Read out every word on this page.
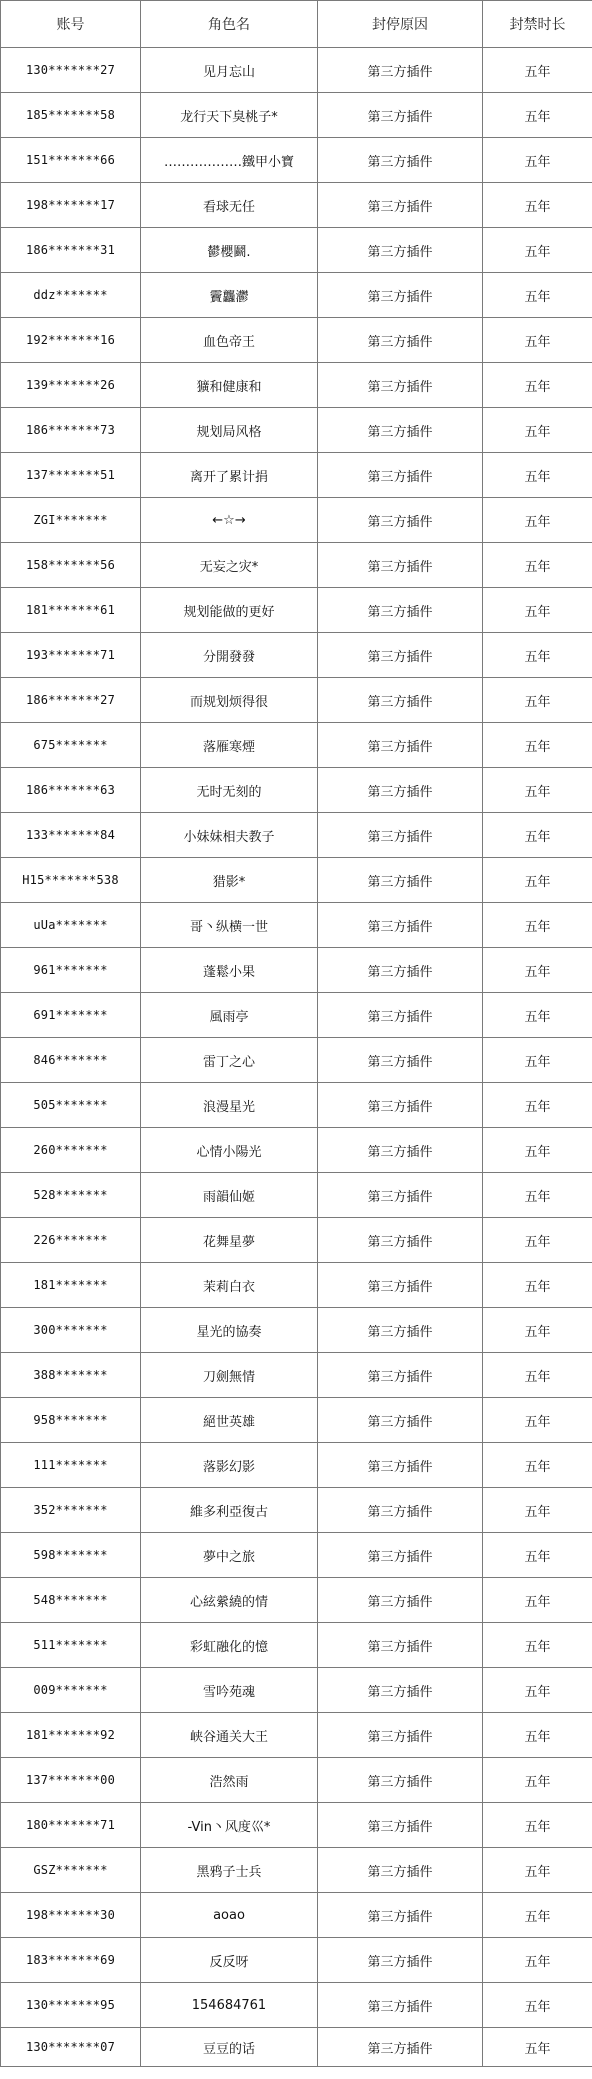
账号	角色名	封停原因	封禁时长
130*******27	见月忘山	第三方插件	五年
185*******58	龙行天下臭桃子*	第三方插件	五年
151*******66	………………鐵甲小寶	第三方插件	五年
198*******17	看球无任	第三方插件	五年
186*******31	鬰櫻鬬.	第三方插件	五年
ddz*******	靌龘灪	第三方插件	五年
192*******16	血色帝王	第三方插件	五年
139*******26	獷和健康和	第三方插件	五年
186*******73	规划局风格	第三方插件	五年
137*******51	离开了累计捐	第三方插件	五年
ZGI*******	←☆→	第三方插件	五年
158*******56	无妄之灾*	第三方插件	五年
181*******61	规划能做的更好	第三方插件	五年
193*******71	分開發發	第三方插件	五年
186*******27	而规划烦得很	第三方插件	五年
675*******	落雁寒煙	第三方插件	五年
186*******63	无时无刻的	第三方插件	五年
133*******84	小妹妹相夫教子	第三方插件	五年
H15*******538	猎影*	第三方插件	五年
uUa*******	哥丶纵横一世	第三方插件	五年
961*******	蓬鬆小果	第三方插件	五年
691*******	風雨亭	第三方插件	五年
846*******	雷丁之心	第三方插件	五年
505*******	浪漫星光	第三方插件	五年
260*******	心情小陽光	第三方插件	五年
528*******	雨韻仙姬	第三方插件	五年
226*******	花舞星夢	第三方插件	五年
181*******	茉莉白衣	第三方插件	五年
300*******	星光的協奏	第三方插件	五年
388*******	刀劍無情	第三方插件	五年
958*******	絕世英雄	第三方插件	五年
111*******	落影幻影	第三方插件	五年
352*******	維多利亞復古	第三方插件	五年
598*******	夢中之旅	第三方插件	五年
548*******	心絃縈繞的情	第三方插件	五年
511*******	彩虹融化的憶	第三方插件	五年
009*******	雪吟苑魂	第三方插件	五年
181*******92	峡谷通关大王	第三方插件	五年
137*******00	浩然雨	第三方插件	五年
180*******71	-Vin丶风度巛*	第三方插件	五年
GSZ*******	黑鸦子士兵	第三方插件	五年
198*******30	aoao	第三方插件	五年
183*******69	反反呀	第三方插件	五年
130*******95	154684761	第三方插件	五年
130*******07	豆豆的话	第三方插件	五年
